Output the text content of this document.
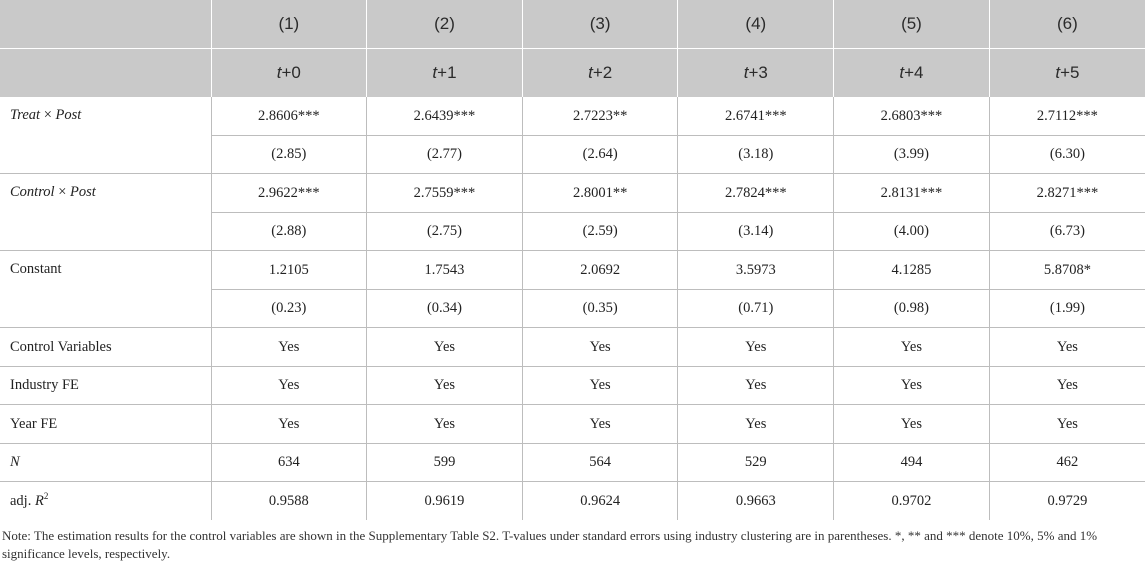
	(1)	(2)	(3)	(4)	(5)	(6)
	t+0	t+1	t+2	t+3	t+4	t+5
Treat × Post	2.8606***	2.6439***	2.7223**	2.6741***	2.6803***	2.7112***
	(2.85)	(2.77)	(2.64)	(3.18)	(3.99)	(6.30)
Control × Post	2.9622***	2.7559***	2.8001**	2.7824***	2.8131***	2.8271***
	(2.88)	(2.75)	(2.59)	(3.14)	(4.00)	(6.73)
Constant	1.2105	1.7543	2.0692	3.5973	4.1285	5.8708*
	(0.23)	(0.34)	(0.35)	(0.71)	(0.98)	(1.99)
Control Variables	Yes	Yes	Yes	Yes	Yes	Yes
Industry FE	Yes	Yes	Yes	Yes	Yes	Yes
Year FE	Yes	Yes	Yes	Yes	Yes	Yes
N	634	599	564	529	494	462
adj. $R^2$	0.9588	0.9619	0.9624	0.9663	0.9702	0.9729
Note: The estimation results for the control variables are shown in the Supplementary Table S2. T-values under standard errors using industry clustering are in parentheses. *, ** and *** denote 10%, 5% and 1% significance levels, respectively.
